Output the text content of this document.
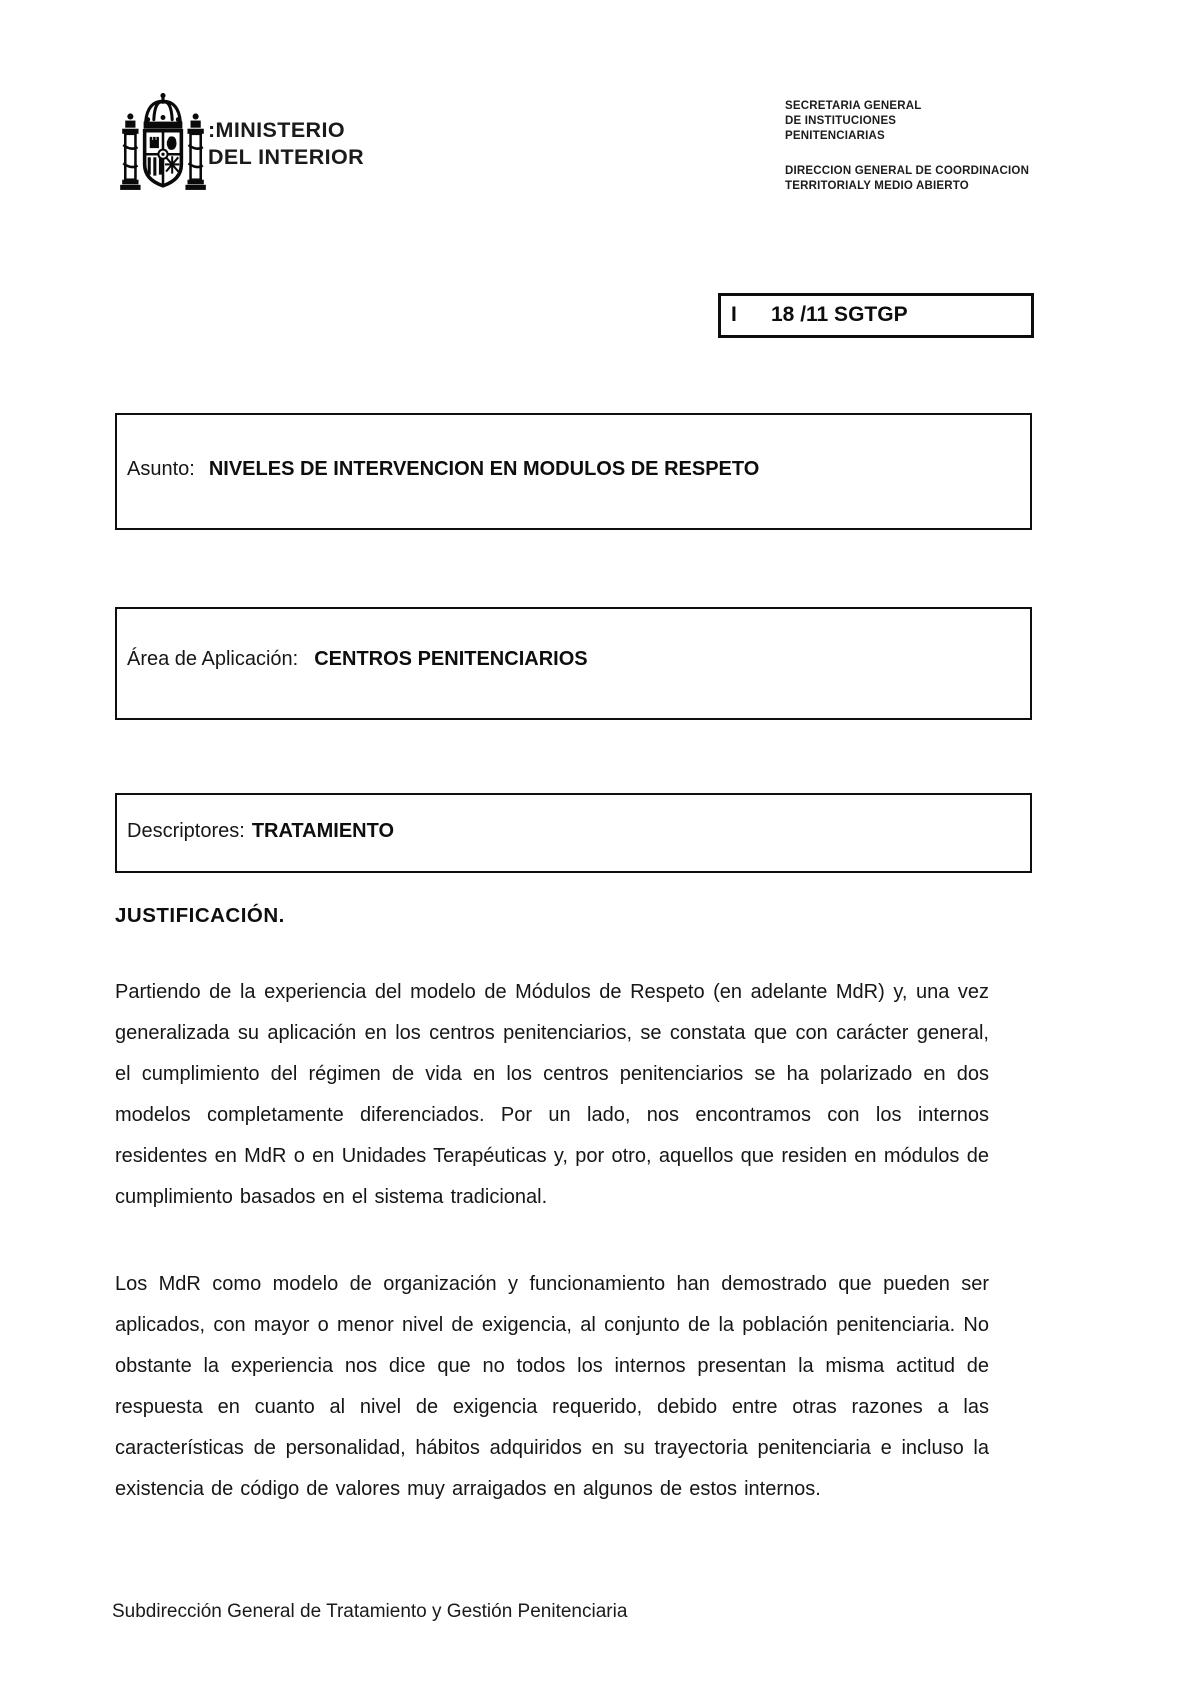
:MINISTERIO
DEL INTERIOR
SECRETARIA GENERAL
DE INSTITUCIONES
PENITENCIARIAS
DIRECCION GENERAL DE COORDINACION
TERRITORIALY MEDIO ABIERTO
I 18 /11 SGTGP
Asunto: NIVELES DE INTERVENCION EN MODULOS DE RESPETO
Área de Aplicación: CENTROS PENITENCIARIOS
Descriptores: TRATAMIENTO
JUSTIFICACIÓN.

Partiendo de la experiencia del modelo de Módulos de Respeto (en adelante MdR) y, una vez generalizada su aplicación en los centros penitenciarios, se constata que con carácter general, el cumplimiento del régimen de vida en los centros penitenciarios se ha polarizado en dos modelos completamente diferenciados. Por un lado, nos encontramos con los internos residentes en MdR o en Unidades Terapéuticas y, por otro, aquellos que residen en módulos de cumplimiento basados en el sistema tradicional.

Los MdR como modelo de organización y funcionamiento han demostrado que pueden ser aplicados, con mayor o menor nivel de exigencia, al conjunto de la población penitenciaria. No obstante la experiencia nos dice que no todos los internos presentan la misma actitud de respuesta en cuanto al nivel de exigencia requerido, debido entre otras razones a las características de personalidad, hábitos adquiridos en su trayectoria penitenciaria e incluso la existencia de código de valores muy arraigados en algunos de estos internos.

Subdirección General de Tratamiento y Gestión Penitenciaria
